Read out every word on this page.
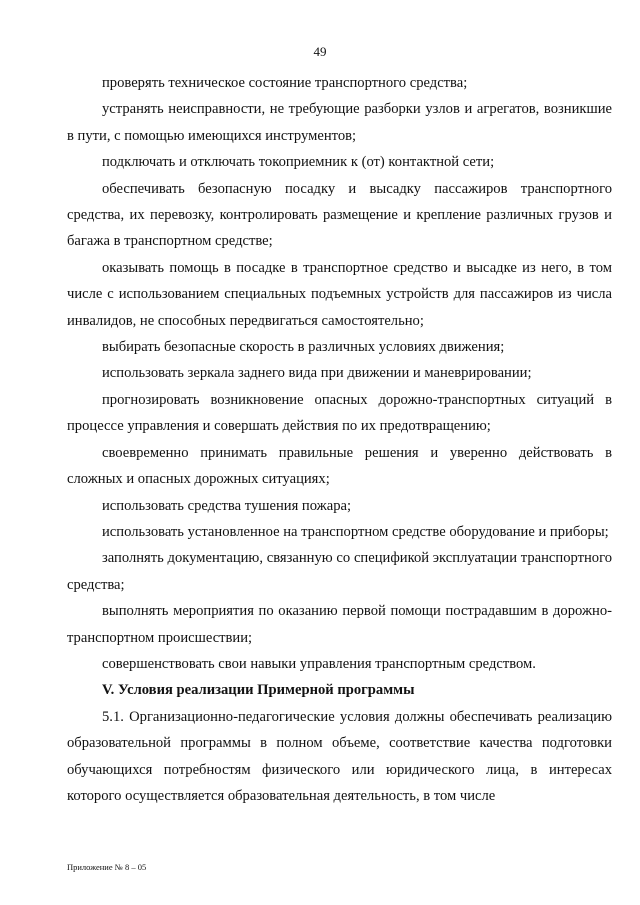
49

проверять техническое состояние транспортного средства;

устранять неисправности, не требующие разборки узлов и агрегатов, возникшие в пути, с помощью имеющихся инструментов;

подключать и отключать токоприемник к (от) контактной сети;

обеспечивать безопасную посадку и высадку пассажиров транспортного средства, их перевозку, контролировать размещение и крепление различных грузов и багажа в транспортном средстве;

оказывать помощь в посадке в транспортное средство и высадке из него, в том числе с использованием специальных подъемных устройств для пассажиров из числа инвалидов, не способных передвигаться самостоятельно;

выбирать безопасные скорость в различных условиях движения;

использовать зеркала заднего вида при движении и маневрировании;

прогнозировать возникновение опасных дорожно-транспортных ситуаций в процессе управления и совершать действия по их предотвращению;

своевременно принимать правильные решения и уверенно действовать в сложных и опасных дорожных ситуациях;

использовать средства тушения пожара;

использовать установленное на транспортном средстве оборудование и приборы;

заполнять документацию, связанную со спецификой эксплуатации транспортного средства;

выполнять мероприятия по оказанию первой помощи пострадавшим в дорожно-транспортном происшествии;

совершенствовать свои навыки управления транспортным средством.

V. Условия реализации Примерной программы

5.1. Организационно-педагогические условия должны обеспечивать реализацию образовательной программы в полном объеме, соответствие качества подготовки обучающихся потребностям физического или юридического лица, в интересах которого осуществляется образовательная деятельность, в том числе

Приложение № 8 – 05
